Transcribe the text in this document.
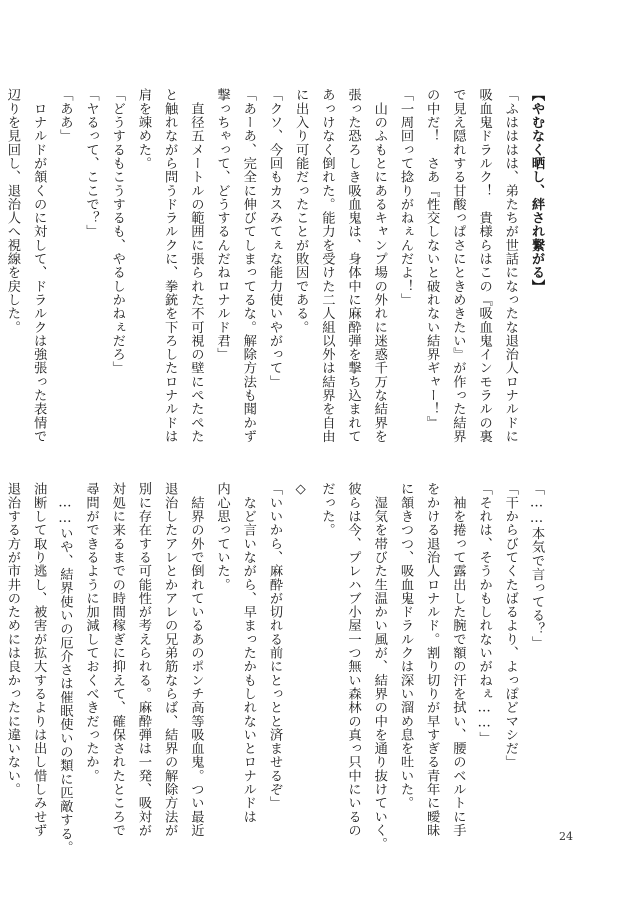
【やむなく晒し、絆され繋がる】
「ふはははは、弟たちが世話になったな退治人ロナルドに
吸血鬼ドラルク！　貴様らはこの『吸血鬼インモラルの裏
で見え隠れする甘酸っぱさにときめきたい』が作った結界
の中だ！　さあ『性交しないと破れない結界ギャー！』
「一周回って捻りがねぇんだよ！」
　山のふもとにあるキャンプ場の外れに迷惑千万な結界を
張った恐ろしき吸血鬼は、身体中に麻酔弾を撃ち込まれて
あっけなく倒れた。能力を受けた二人組以外は結界を自由
に出入り可能だったことが敗因である。
「クソ、今回もカスみてぇな能力使いやがって」
「あーあ、完全に伸びてしまってるな。解除方法も聞かず
撃っちゃって、どうするんだねロナルド君」
　直径五メートルの範囲に張られた不可視の壁にぺたぺた
と触れながら問うドラルクに、拳銃を下ろしたロナルドは
肩を竦めた。
「どうするもこうするも、やるしかねぇだろ」
「ヤるって、ここで？」
「ああ」
　ロナルドが頷くのに対して、ドラルクは強張った表情で
辺りを見回し、退治人へ視線を戻した。
「……本気で言ってる？」
「干からびてくたばるより、よっぽどマシだ」
「それは、そうかもしれないがねぇ……」
　袖を捲って露出した腕で額の汗を拭い、腰のベルトに手
をかける退治人ロナルド。割り切りが早すぎる青年に曖昧
に頷きつつ、吸血鬼ドラルクは深い溜め息を吐いた。
　湿気を帯びた生温かい風が、結界の中を通り抜けていく。
彼らは今、プレハブ小屋一つ無い森林の真っ只中にいるの
だった。
◇
「いいから、麻酔が切れる前にとっとと済ませるぞ」
　など言いながら、早まったかもしれないとロナルドは
内心思っていた。
　結界の外で倒れているあのポンチ高等吸血鬼。つい最近
退治したアレとかアレの兄弟筋ならば、結界の解除方法が
別に存在する可能性が考えられる。麻酔弾は一発、吸対が
対処に来るまでの時間稼ぎに抑えて、確保されたところで
尋問ができるように加減しておくべきだったか。
　……いや、結界使いの厄介さは催眠使いの類に匹敵する。
油断して取り逃し、被害が拡大するよりは出し惜しみせず
退治する方が市井のためには良かったに違いない。
24
